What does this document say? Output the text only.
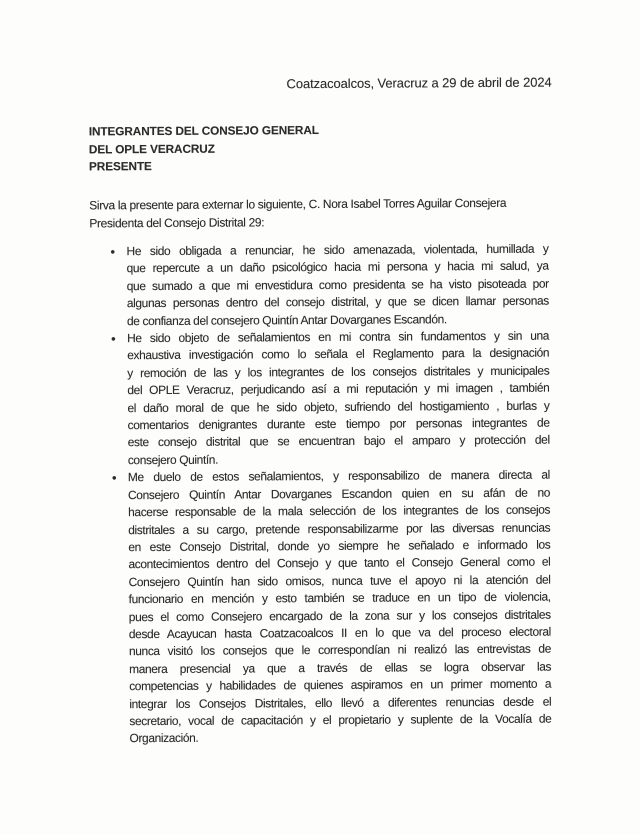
Coatzacoalcos, Veracruz a 29 de abril de 2024
INTEGRANTES DEL CONSEJO GENERAL
DEL OPLE VERACRUZ
PRESENTE
Sirva la presente para externar lo siguiente, C. Nora Isabel Torres Aguilar Consejera
Presidenta del Consejo Distrital 29:
• He sido obligada a renunciar, he sido amenazada, violentada, humillada y
que repercute a un daño psicológico hacia mi persona y hacia mi salud, ya
que sumado a que mi envestidura como presidenta se ha visto pisoteada por
algunas personas dentro del consejo distrital, y que se dicen llamar personas
de confianza del consejero Quintín Antar Dovarganes Escandón.
• He sido objeto de señalamientos en mi contra sin fundamentos y sin una
exhaustiva investigación como lo señala el Reglamento para la designación
y remoción de las y los integrantes de los consejos distritales y municipales
del OPLE Veracruz, perjudicando así a mi reputación y mi imagen , también
el daño moral de que he sido objeto, sufriendo del hostigamiento , burlas y
comentarios denigrantes durante este tiempo por personas integrantes de
este consejo distrital que se encuentran bajo el amparo y protección del
consejero Quintín.
• Me duelo de estos señalamientos, y responsabilizo de manera directa al
Consejero Quintín Antar Dovarganes Escandon quien en su afán de no
hacerse responsable de la mala selección de los integrantes de los consejos
distritales a su cargo, pretende responsabilizarme por las diversas renuncias
en este Consejo Distrital, donde yo siempre he señalado e informado los
acontecimientos dentro del Consejo y que tanto el Consejo General como el
Consejero Quintín han sido omisos, nunca tuve el apoyo ni la atención del
funcionario en mención y esto también se traduce en un tipo de violencia,
pues el como Consejero encargado de la zona sur y los consejos distritales
desde Acayucan hasta Coatzacoalcos II en lo que va del proceso electoral
nunca visitó los consejos que le correspondían ni realizó las entrevistas de
manera presencial ya que a través de ellas se logra observar las
competencias y habilidades de quienes aspiramos en un primer momento a
integrar los Consejos Distritales, ello llevó a diferentes renuncias desde el
secretario, vocal de capacitación y el propietario y suplente de la Vocalía de
Organización.
